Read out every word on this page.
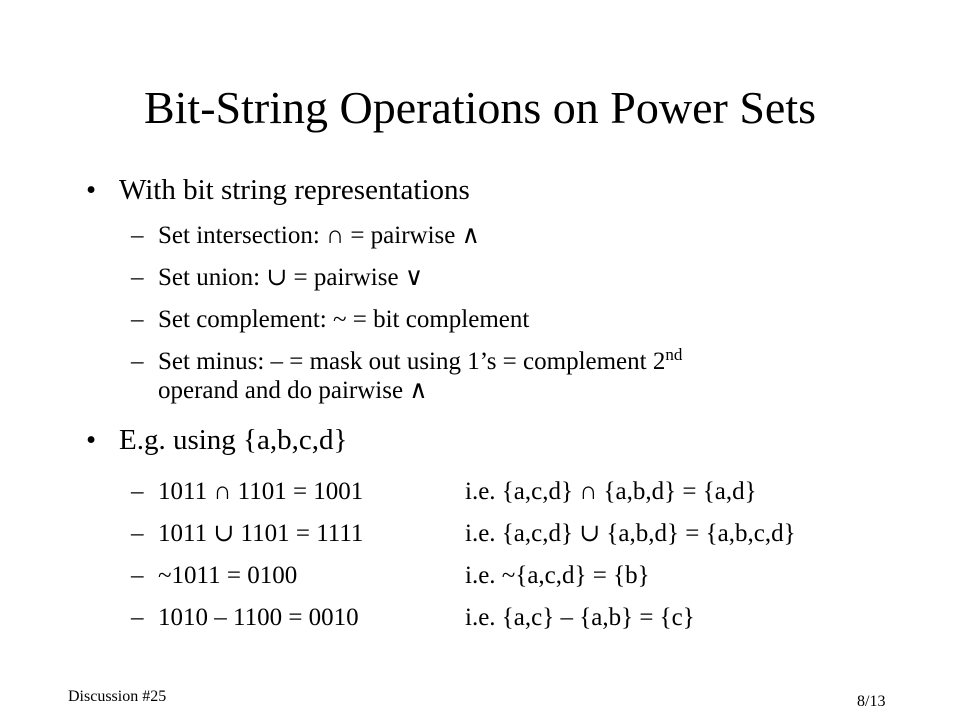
Bit-String Operations on Power Sets
• With bit string representations
– Set intersection: ∩ = pairwise ∧
– Set union: ∪ = pairwise ∨
– Set complement: ~ = bit complement
– Set minus: – = mask out using 1’s = complement 2nd
operand and do pairwise ∧
• E.g. using {a,b,c,d}
– 1011 ∩ 1101 = 1001	i.e. {a,c,d} ∩ {a,b,d} = {a,d}
– 1011 ∪ 1101 = 1111	i.e. {a,c,d} ∪ {a,b,d} = {a,b,c,d}
– ~1011 = 0100	i.e. ~{a,c,d} = {b}
– 1010 – 1100 = 0010	i.e. {a,c} – {a,b} = {c}
Discussion #25	8/13
